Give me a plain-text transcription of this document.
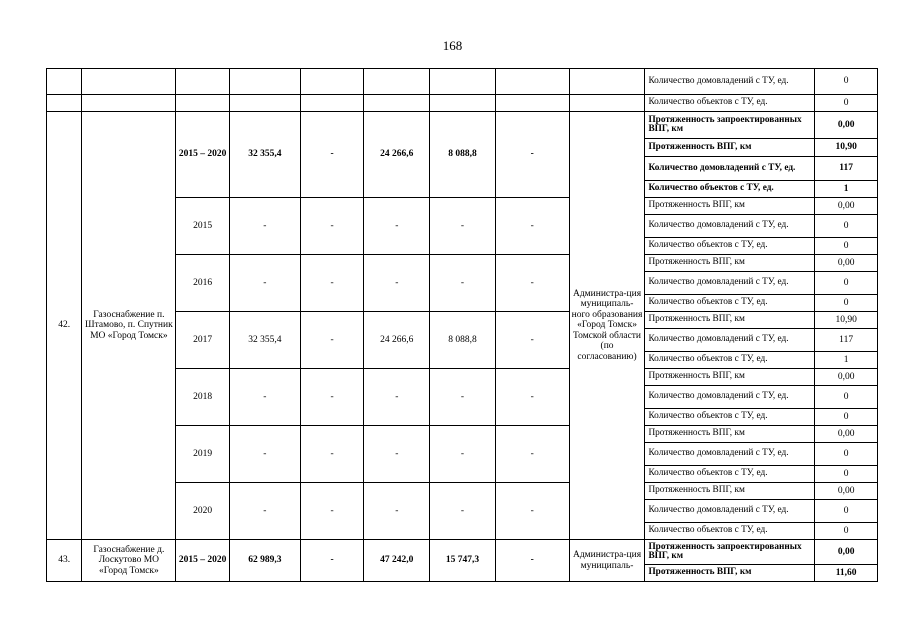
168
									Количество домовладений с ТУ, ед.	0
									Количество объектов с ТУ, ед.	0
42.	Газоснабжение п. Штамово, п. Спутник МО «Город Томск»	2015 – 2020	32 355,4	-	24 266,6	8 088,8	-	Администра-ция муниципаль-ного образования «Город Томск» Томской области (по согласованию)	Протяженность запроектированных ВПГ, км	0,00
									Протяженность ВПГ, км	10,90
									Количество домовладений с ТУ, ед.	117
									Количество объектов с ТУ, ед.	1
		2015	-	-	-	-	-		Протяженность ВПГ, км	0,00
									Количество домовладений с ТУ, ед.	0
									Количество объектов с ТУ, ед.	0
		2016	-	-	-	-	-		Протяженность ВПГ, км	0,00
									Количество домовладений с ТУ, ед.	0
									Количество объектов с ТУ, ед.	0
		2017	32 355,4	-	24 266,6	8 088,8	-		Протяженность ВПГ, км	10,90
									Количество домовладений с ТУ, ед.	117
									Количество объектов с ТУ, ед.	1
		2018	-	-	-	-	-		Протяженность ВПГ, км	0,00
									Количество домовладений с ТУ, ед.	0
									Количество объектов с ТУ, ед.	0
		2019	-	-	-	-	-		Протяженность ВПГ, км	0,00
									Количество домовладений с ТУ, ед.	0
									Количество объектов с ТУ, ед.	0
		2020	-	-	-	-	-		Протяженность ВПГ, км	0,00
									Количество домовладений с ТУ, ед.	0
									Количество объектов с ТУ, ед.	0
43.	Газоснабжение д. Лоскутово МО «Город Томск»	2015 – 2020	62 989,3	-	47 242,0	15 747,3	-	Администра-ция муниципаль-	Протяженность запроектированных ВПГ, км	0,00
									Протяженность ВПГ, км	11,60
